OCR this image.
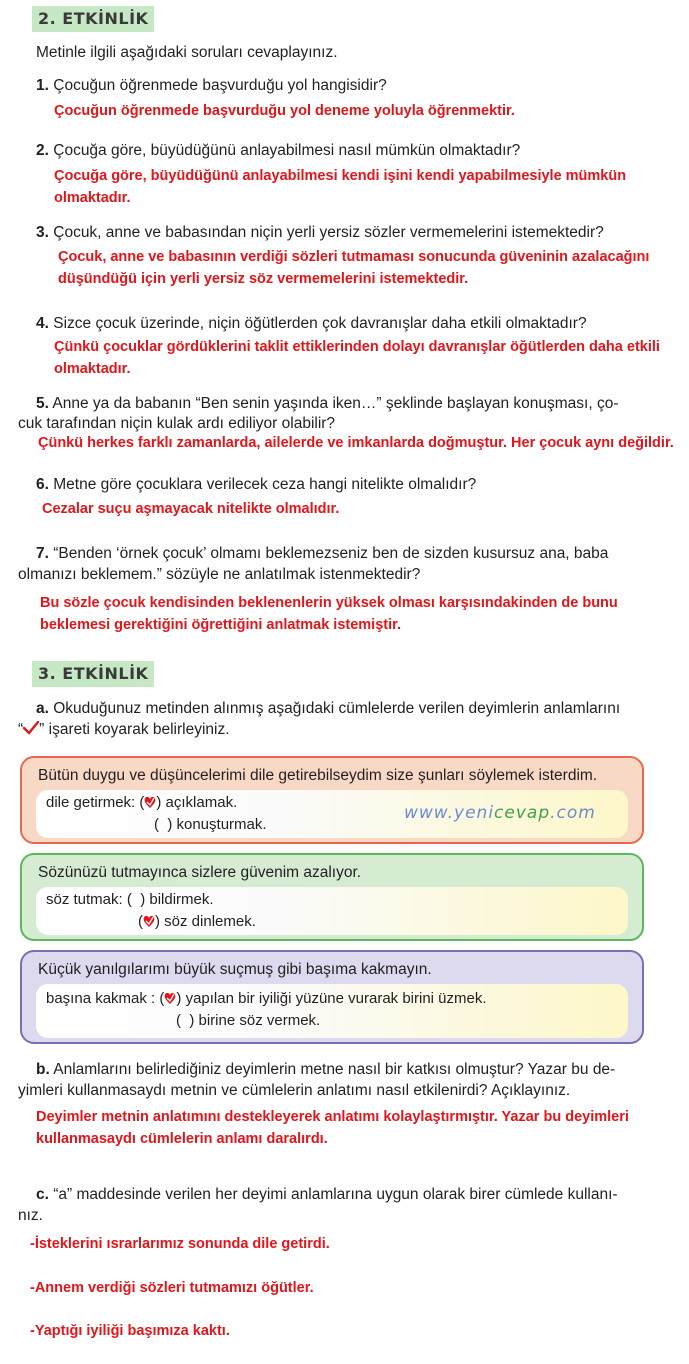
2. ETKİNLİK
Metinle ilgili aşağıdaki soruları cevaplayınız.
1. Çocuğun öğrenmede başvurduğu yol hangisidir?
Çocuğun öğrenmede başvurduğu yol deneme yoluyla öğrenmektir.
2. Çocuğa göre, büyüdüğünü anlayabilmesi nasıl mümkün olmaktadır?
Çocuğa göre, büyüdüğünü anlayabilmesi kendi işini kendi yapabilmesiyle mümkün
olmaktadır.
3. Çocuk, anne ve babasından niçin yerli yersiz sözler vermemelerini istemektedir?
Çocuk, anne ve babasının verdiği sözleri tutmaması sonucunda güveninin azalacağını
düşündüğü için yerli yersiz söz vermemelerini istemektedir.
4. Sizce çocuk üzerinde, niçin öğütlerden çok davranışlar daha etkili olmaktadır?
Çünkü çocuklar gördüklerini taklit ettiklerinden dolayı davranışlar öğütlerden daha etkili
olmaktadır.
5. Anne ya da babanın “Ben senin yaşında iken…” şeklinde başlayan konuşması, ço-
cuk tarafından niçin kulak ardı ediliyor olabilir?
Çünkü herkes farklı zamanlarda, ailelerde ve imkanlarda doğmuştur. Her çocuk aynı değildir.
6. Metne göre çocuklara verilecek ceza hangi nitelikte olmalıdır?
Cezalar suçu aşmayacak nitelikte olmalıdır.
7. “Benden ‘örnek çocuk’ olmamı beklemezseniz ben de sizden kusursuz ana, baba
olmanızı beklemem.” sözüyle ne anlatılmak istenmektedir?
Bu sözle çocuk kendisinden beklenenlerin yüksek olması karşısındakinden de bunu
beklemesi gerektiğini öğrettiğini anlatmak istemiştir.
3. ETKİNLİK
a. Okuduğunuz metinden alınmış aşağıdaki cümlelerde verilen deyimlerin anlamlarını
“ ” işareti koyarak belirleyiniz.
Bütün duygu ve düşüncelerimi dile getirebilseydim size şunları söylemek isterdim.
dile getirmek: ( ) açıklamak.
(  ) konuşturmak.
www.yenicevap.com
Sözünüzü tutmayınca sizlere güvenim azalıyor.
söz tutmak: (  ) bildirmek.
( ) söz dinlemek.
Küçük yanılgılarımı büyük suçmuş gibi başıma kakmayın.
başına kakmak : ( ) yapılan bir iyiliği yüzüne vurarak birini üzmek.
(  ) birine söz vermek.
b. Anlamlarını belirlediğiniz deyimlerin metne nasıl bir katkısı olmuştur? Yazar bu de-
yimleri kullanmasaydı metnin ve cümlelerin anlatımı nasıl etkilenirdi? Açıklayınız.
Deyimler metnin anlatımını destekleyerek anlatımı kolaylaştırmıştır. Yazar bu deyimleri
kullanmasaydı cümlelerin anlamı daralırdı.
c. “a” maddesinde verilen her deyimi anlamlarına uygun olarak birer cümlede kullanı-
nız.
-İsteklerini ısrarlarımız sonunda dile getirdi.
-Annem verdiği sözleri tutmamızı öğütler.
-Yaptığı iyiliği başımıza kaktı.
